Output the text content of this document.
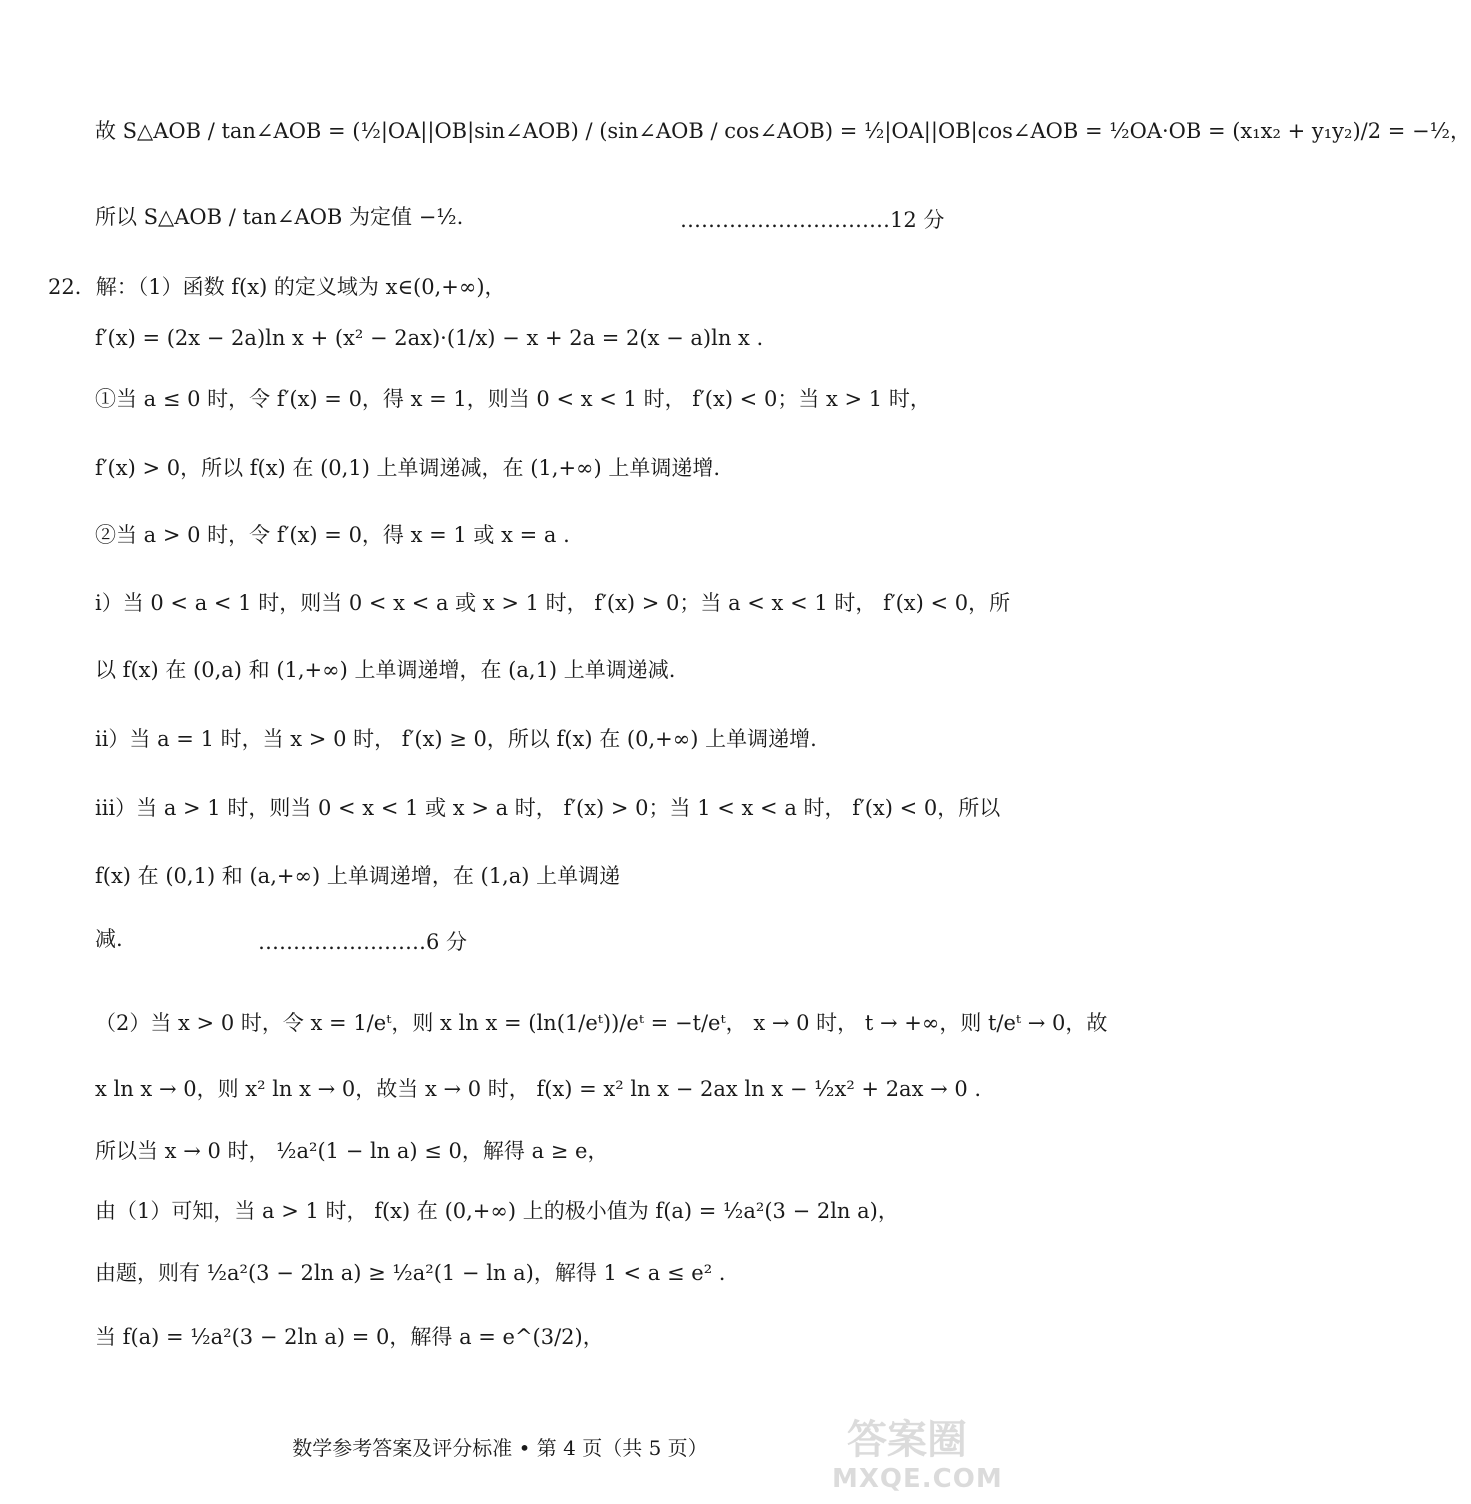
故 S△AOB / tan∠AOB = (½|OA||OB|sin∠AOB) / (sin∠AOB / cos∠AOB) = ½|OA||OB|cos∠AOB = ½OA·OB = (x₁x₂ + y₁y₂)/2 = −½，
所以 S△AOB / tan∠AOB 为定值 −½.	…………………………12 分
22．解：（1）函数 f(x) 的定义域为 x∈(0,+∞)，
f′(x) = (2x − 2a)ln x + (x² − 2ax)·(1/x) − x + 2a = 2(x − a)ln x .
①当 a ≤ 0 时，令 f′(x) = 0，得 x = 1，则当 0 < x < 1 时， f′(x) < 0；当 x > 1 时，
f′(x) > 0，所以 f(x) 在 (0,1) 上单调递减，在 (1,+∞) 上单调递增.
②当 a > 0 时，令 f′(x) = 0，得 x = 1 或 x = a .
ⅰ）当 0 < a < 1 时，则当 0 < x < a 或 x > 1 时， f′(x) > 0；当 a < x < 1 时， f′(x) < 0，所
以 f(x) 在 (0,a) 和 (1,+∞) 上单调递增，在 (a,1) 上单调递减.
ⅱ）当 a = 1 时，当 x > 0 时， f′(x) ≥ 0，所以 f(x) 在 (0,+∞) 上单调递增.
ⅲ）当 a > 1 时，则当 0 < x < 1 或 x > a 时， f′(x) > 0；当 1 < x < a 时， f′(x) < 0，所以
f(x) 在 (0,1) 和 (a,+∞) 上单调递增，在 (1,a) 上单调递
减.	……………………6 分
（2）当 x > 0 时，令 x = 1/eᵗ，则 x ln x = (ln(1/eᵗ))/eᵗ = −t/eᵗ， x → 0 时， t → +∞，则 t/eᵗ → 0，故
x ln x → 0，则 x² ln x → 0，故当 x → 0 时， f(x) = x² ln x − 2ax ln x − ½x² + 2ax → 0 .
所以当 x → 0 时， ½a²(1 − ln a) ≤ 0，解得 a ≥ e，
由（1）可知，当 a > 1 时， f(x) 在 (0,+∞) 上的极小值为 f(a) = ½a²(3 − 2ln a)，
由题，则有 ½a²(3 − 2ln a) ≥ ½a²(1 − ln a)，解得 1 < a ≤ e² .
当 f(a) = ½a²(3 − 2ln a) = 0，解得 a = e^(3/2)，
数学参考答案及评分标准 • 第 4 页（共 5 页）	答案圈
MXQE.COM
